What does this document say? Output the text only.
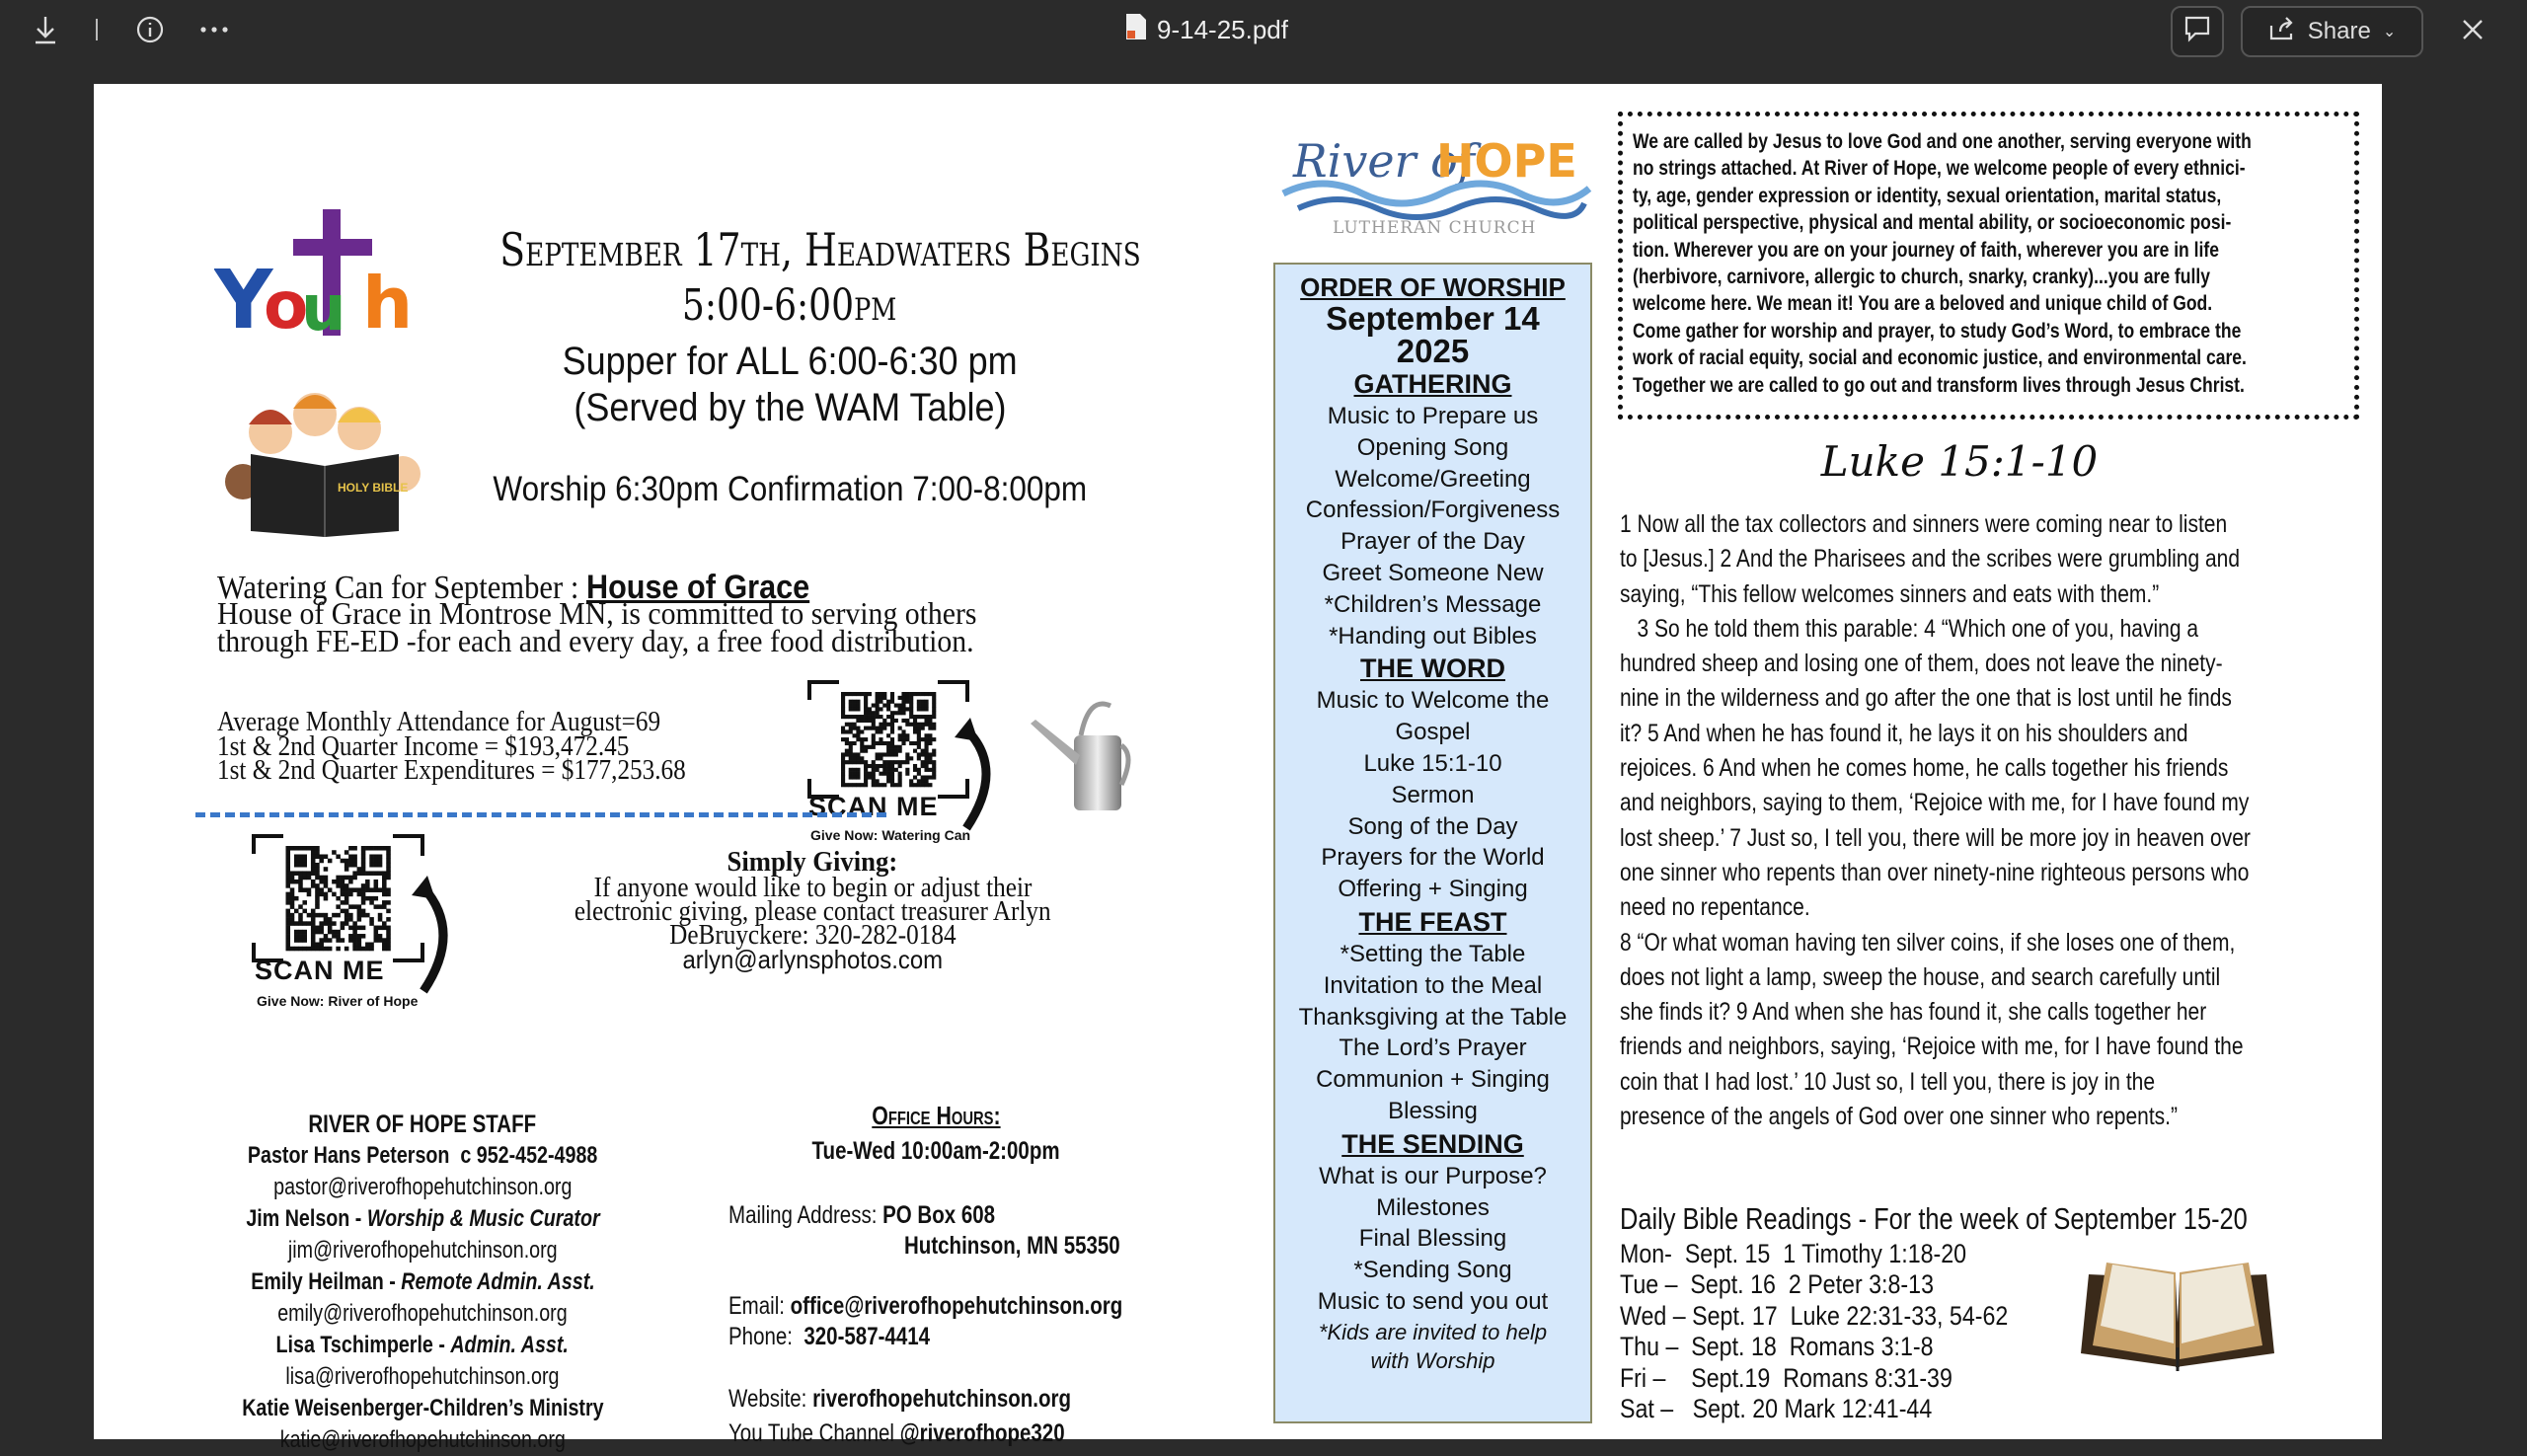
9-14-25.pdf	Share ⌄
Y
o
u h
HOLY BIBLE
September 17th, Headwaters Begins
5:00-6:00pm
Supper for ALL 6:00-6:30 pm
(Served by the WAM Table)
Worship 6:30pm Confirmation 7:00-8:00pm
Watering Can for September : House of Grace
House of Grace in Montrose MN, is committed to serving others
through FE-ED -for each and every day, a free food distribution.
Average Monthly Attendance for August=69
1st & 2nd Quarter Income = $193,472.45
1st & 2nd Quarter Expenditures = $177,253.68
SCAN ME
Give Now: Watering Can
SCAN ME
Give Now: River of Hope
Simply Giving:
If anyone would like to begin or adjust their
electronic giving, please contact treasurer Arlyn
DeBruyckere: 320-282-0184
arlyn@arlynsphotos.com
RIVER OF HOPE STAFF
Pastor Hans Peterson  c 952-452-4988
pastor@riverofhopehutchinson.org
Jim Nelson - Worship & Music Curator
jim@riverofhopehutchinson.org
Emily Heilman - Remote Admin. Asst.
emily@riverofhopehutchinson.org
Lisa Tschimperle - Admin. Asst.
lisa@riverofhopehutchinson.org
Katie Weisenberger-Children’s Ministry
katie@riverofhopehutchinson.org
Office Hours:
Tue-Wed 10:00am-2:00pm
Mailing Address: PO Box 608
Hutchinson, MN 55350
Email: office@riverofhopehutchinson.org
Phone:  320-587-4414
Website: riverofhopehutchinson.org
You Tube Channel @riverofhope320
River of
HOPE
LUTHERAN CHURCH
ORDER OF WORSHIP
September 14
2025
GATHERING
Music to Prepare us
Opening Song
Welcome/Greeting
Confession/Forgiveness
Prayer of the Day
Greet Someone New
*Children’s Message
*Handing out Bibles
THE WORD
Music to Welcome the Gospel
Luke 15:1-10
Sermon
Song of the Day
Prayers for the World
Offering + Singing
THE FEAST
*Setting the Table
Invitation to the Meal
Thanksgiving at the Table
The Lord’s Prayer
Communion + Singing
Blessing
THE SENDING
What is our Purpose?
Milestones
Final Blessing
*Sending Song
Music to send you out
*Kids are invited to help
with Worship
We are called by Jesus to love God and one another, serving everyone with
no strings attached. At River of Hope, we welcome people of every ethnici-
ty, age, gender expression or identity, sexual orientation, marital status,
political perspective, physical and mental ability, or socioeconomic posi-
tion. Wherever you are on your journey of faith, wherever you are in life
(herbivore, carnivore, allergic to church, snarky, cranky)...you are fully
welcome here. We mean it! You are a beloved and unique child of God.
Come gather for worship and prayer, to study God’s Word, to embrace the
work of racial equity, social and economic justice, and environmental care.
Together we are called to go out and transform lives through Jesus Christ.
Luke 15:1-10
1 Now all the tax collectors and sinners were coming near to listen
to [Jesus.] 2 And the Pharisees and the scribes were grumbling and
saying, “This fellow welcomes sinners and eats with them.”
3 So he told them this parable: 4 “Which one of you, having a
hundred sheep and losing one of them, does not leave the ninety-
nine in the wilderness and go after the one that is lost until he finds
it? 5 And when he has found it, he lays it on his shoulders and
rejoices. 6 And when he comes home, he calls together his friends
and neighbors, saying to them, ‘Rejoice with me, for I have found my
lost sheep.’ 7 Just so, I tell you, there will be more joy in heaven over
one sinner who repents than over ninety-nine righteous persons who
need no repentance.
8 “Or what woman having ten silver coins, if she loses one of them,
does not light a lamp, sweep the house, and search carefully until
she finds it? 9 And when she has found it, she calls together her
friends and neighbors, saying, ‘Rejoice with me, for I have found the
coin that I had lost.’ 10 Just so, I tell you, there is joy in the
presence of the angels of God over one sinner who repents.”
Daily Bible Readings - For the week of September 15-20
Mon-  Sept. 15  1 Timothy 1:18-20
Tue –  Sept. 16  2 Peter 3:8-13
Wed – Sept. 17  Luke 22:31-33, 54-62
Thu –  Sept. 18  Romans 3:1-8
Fri –    Sept.19  Romans 8:31-39
Sat –   Sept. 20 Mark 12:41-44
